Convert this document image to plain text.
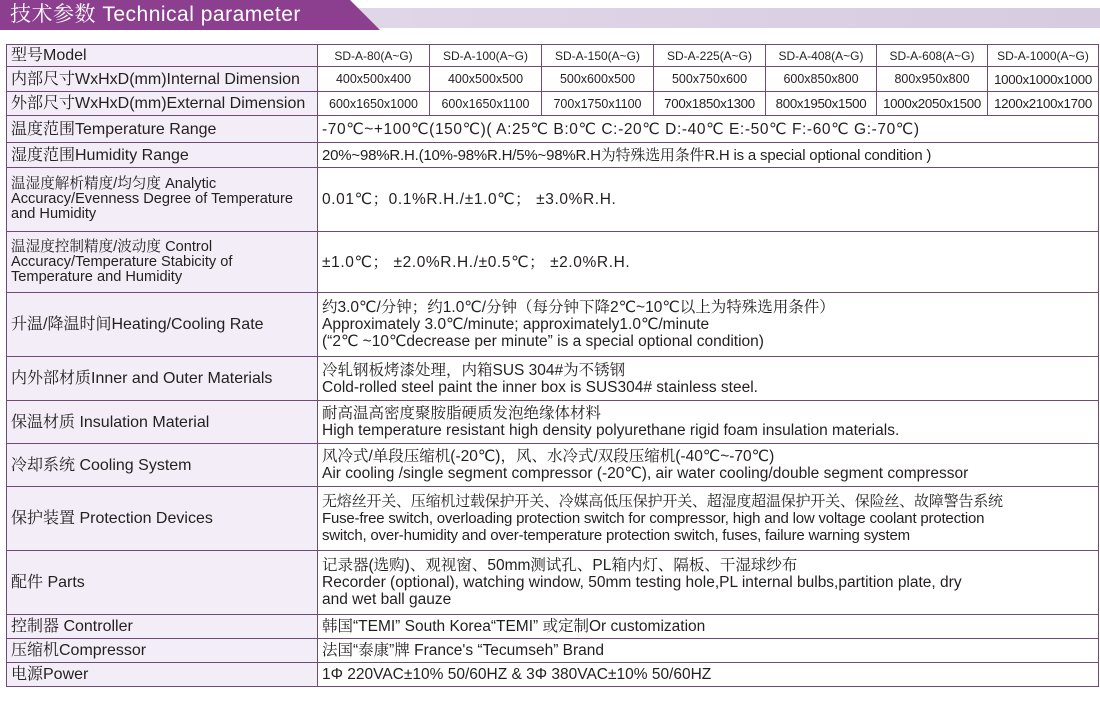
技术参数 Technical parameter
型号Model	SD-A-80(A~G)	SD-A-100(A~G)	SD-A-150(A~G)	SD-A-225(A~G)	SD-A-408(A~G)	SD-A-608(A~G)	SD-A-1000(A~G)
内部尺寸WxHxD(mm)Internal Dimension	400x500x400	400x500x500	500x600x500	500x750x600	600x850x800	800x950x800	1000x1000x1000
外部尺寸WxHxD(mm)External Dimension	600x1650x1000	600x1650x1100	700x1750x1100	700x1850x1300	800x1950x1500	1000x2050x1500	1200x2100x1700
温度范围Temperature Range	-70℃~+100℃(150℃)( A:25℃ B:0℃ C:-20℃ D:-40℃ E:-50℃ F:-60℃ G:-70℃)						

湿度范围Humidity Range	20%~98%R.H.(10%-98%R.H/5%~98%R.H为特殊选用条件R.H is a special optional condition )						

温湿度解析精度/均匀度 Analytic Accuracy/Evenness Degree of Temperature and Humidity	0.01℃；0.1%R.H./±1.0℃； ±3.0%R.H.						

温湿度控制精度/波动度 Control Accuracy/Temperature Stabicity of Temperature and Humidity	±1.0℃； ±2.0%R.H./±0.5℃； ±2.0%R.H.						

升温/降温时间Heating/Cooling Rate	约3.0℃/分钟；约1.0℃/分钟（每分钟下降2℃~10℃以上为特殊选用条件）
Approximately 3.0℃/minute; approximately1.0℃/minute
(“2℃ ~10℃decrease per minute” is a special optional condition)						

内外部材质Inner and Outer Materials	冷轧钢板烤漆处理，内箱SUS 304#为不锈钢
Cold-rolled steel paint the inner box is SUS304# stainless steel.						

保温材质 Insulation Material	耐高温高密度聚胺脂硬质发泡绝缘体材料
High temperature resistant high density polyurethane rigid foam insulation materials.						

冷却系统 Cooling System	风冷式/单段压缩机(-20℃)，风、水冷式/双段压缩机(-40℃~-70℃)
Air cooling /single segment compressor (-20℃), air water cooling/double segment compressor						

保护装置 Protection Devices	无熔丝开关、压缩机过载保护开关、冷媒高低压保护开关、超湿度超温保护开关、保险丝、故障警告系统
Fuse-free switch, overloading protection switch for compressor, high and low voltage coolant protection
switch, over-humidity and over-temperature protection switch, fuses, failure warning system						

配件 Parts	记录器(选购)、观视窗、50mm测试孔、PL箱内灯、隔板、干湿球纱布
Recorder (optional), watching window, 50mm testing hole,PL internal bulbs,partition plate, dry
and wet ball gauze						

控制器 Controller	韩国“TEMI” South Korea“TEMI” 或定制Or customization						

压缩机Compressor	法国“泰康”牌 France's “Tecumseh” Brand						

电源Power	1Φ 220VAC±10% 50/60HZ & 3Φ 380VAC±10% 50/60HZ						
